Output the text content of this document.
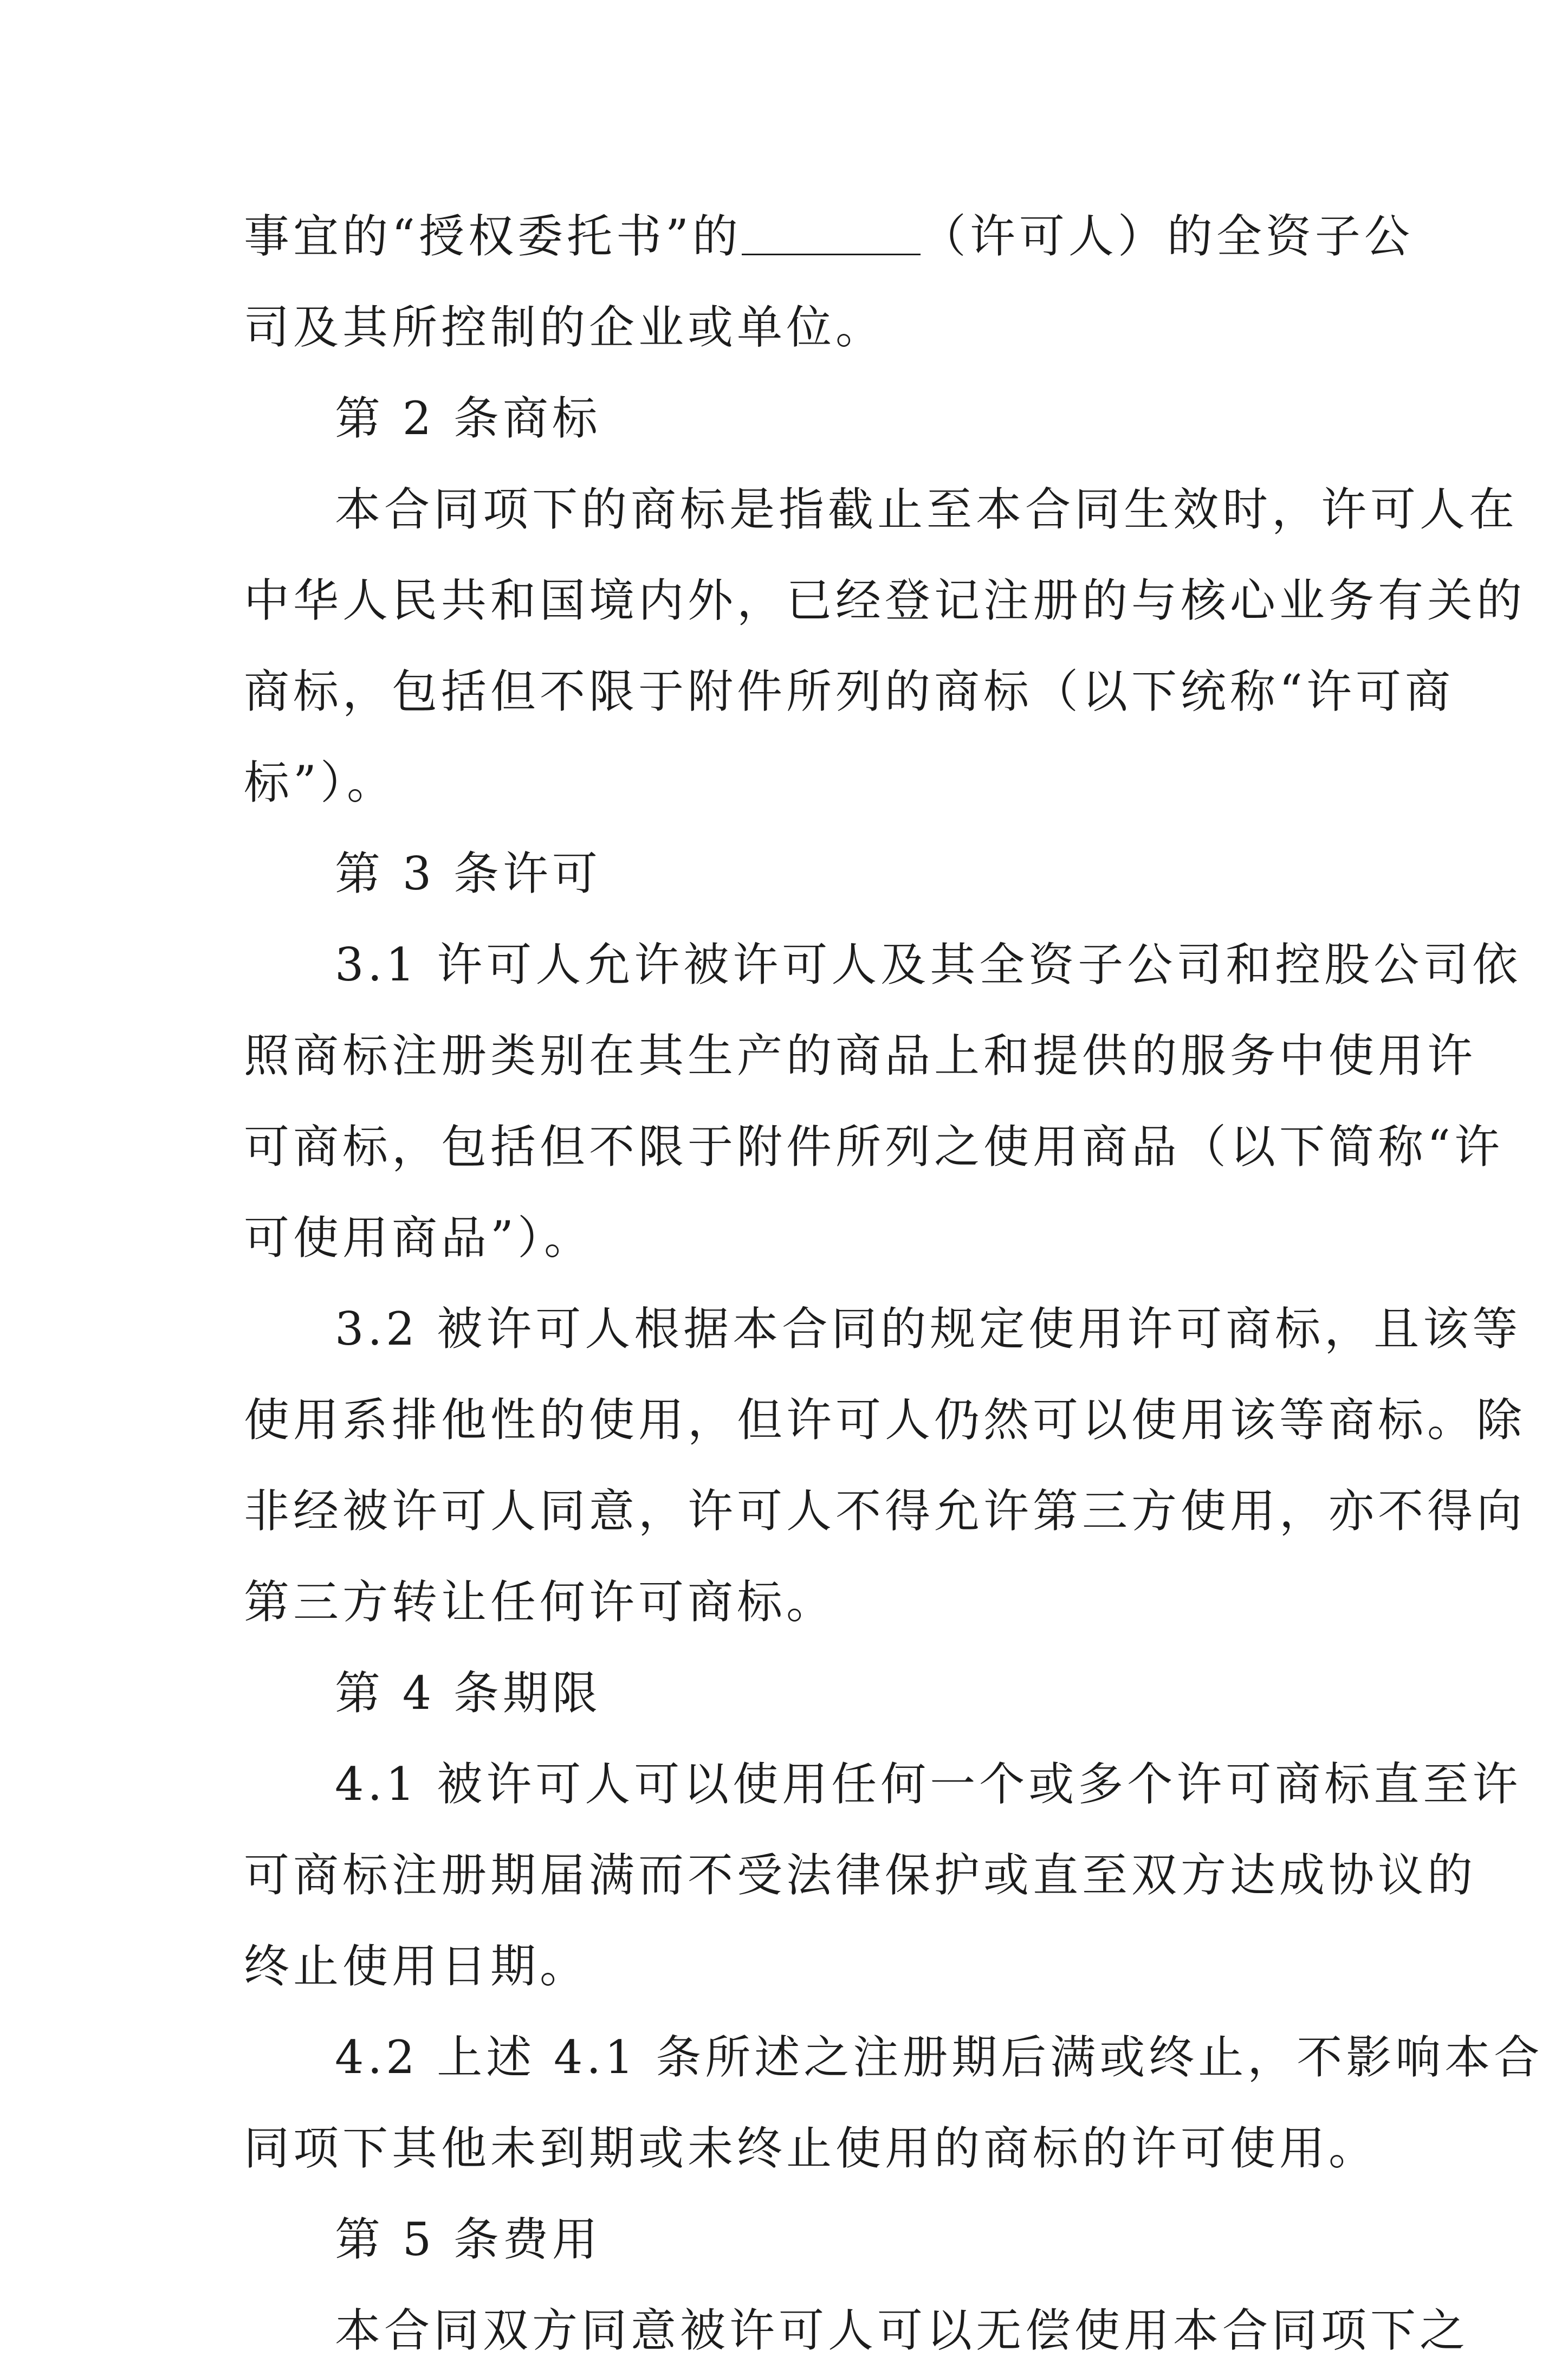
事宜的“授权委托书”的	（许可人）的全资子公
司及其所控制的企业或单位。
第 2 条商标
本合同项下的商标是指截止至本合同生效时，许可人在
中华人民共和国境内外，已经登记注册的与核心业务有关的
商标，包括但不限于附件所列的商标（以下统称“许可商
标”）。
第 3 条许可
3.1 许可人允许被许可人及其全资子公司和控股公司依
照商标注册类别在其生产的商品上和提供的服务中使用许
可商标，包括但不限于附件所列之使用商品（以下简称“许
可使用商品”）。
3.2 被许可人根据本合同的规定使用许可商标，且该等
使用系排他性的使用，但许可人仍然可以使用该等商标。除
非经被许可人同意，许可人不得允许第三方使用，亦不得向
第三方转让任何许可商标。
第 4 条期限
4.1 被许可人可以使用任何一个或多个许可商标直至许
可商标注册期届满而不受法律保护或直至双方达成协议的
终止使用日期。
4.2 上述 4.1 条所述之注册期后满或终止，不影响本合
同项下其他未到期或未终止使用的商标的许可使用。
第 5 条费用
本合同双方同意被许可人可以无偿使用本合同项下之
